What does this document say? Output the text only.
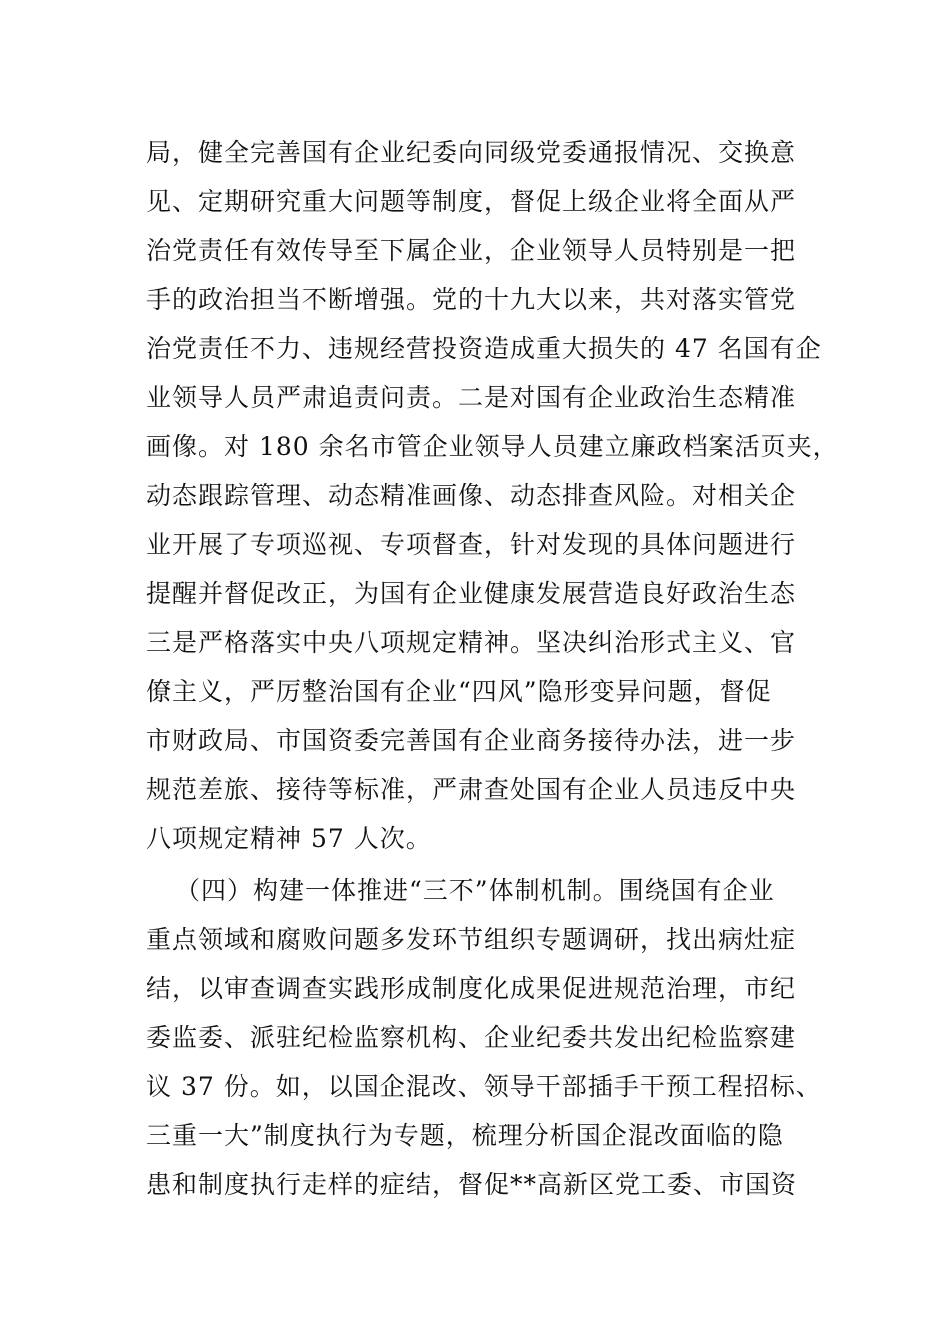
局，健全完善国有企业纪委向同级党委通报情况、交换意
见、定期研究重大问题等制度，督促上级企业将全面从严
治党责任有效传导至下属企业，企业领导人员特别是一把
手的政治担当不断增强。党的十九大以来，共对落实管党
治党责任不力、违规经营投资造成重大损失的 47 名国有企
业领导人员严肃追责问责。二是对国有企业政治生态精准
画像。对 180 余名市管企业领导人员建立廉政档案活页夹，
动态跟踪管理、动态精准画像、动态排查风险。对相关企
业开展了专项巡视、专项督查，针对发现的具体问题进行
提醒并督促改正，为国有企业健康发展营造良好政治生态
三是严格落实中央八项规定精神。坚决纠治形式主义、官
僚主义，严厉整治国有企业“四风”隐形变异问题，督促
市财政局、市国资委完善国有企业商务接待办法，进一步
规范差旅、接待等标准，严肃查处国有企业人员违反中央
八项规定精神 57 人次。
（四）构建一体推进“三不”体制机制。围绕国有企业
重点领域和腐败问题多发环节组织专题调研，找出病灶症
结，以审查调查实践形成制度化成果促进规范治理，市纪
委监委、派驻纪检监察机构、企业纪委共发出纪检监察建
议 37 份。如，以国企混改、领导干部插手干预工程招标、
三重一大”制度执行为专题，梳理分析国企混改面临的隐
患和制度执行走样的症结，督促**高新区党工委、市国资
